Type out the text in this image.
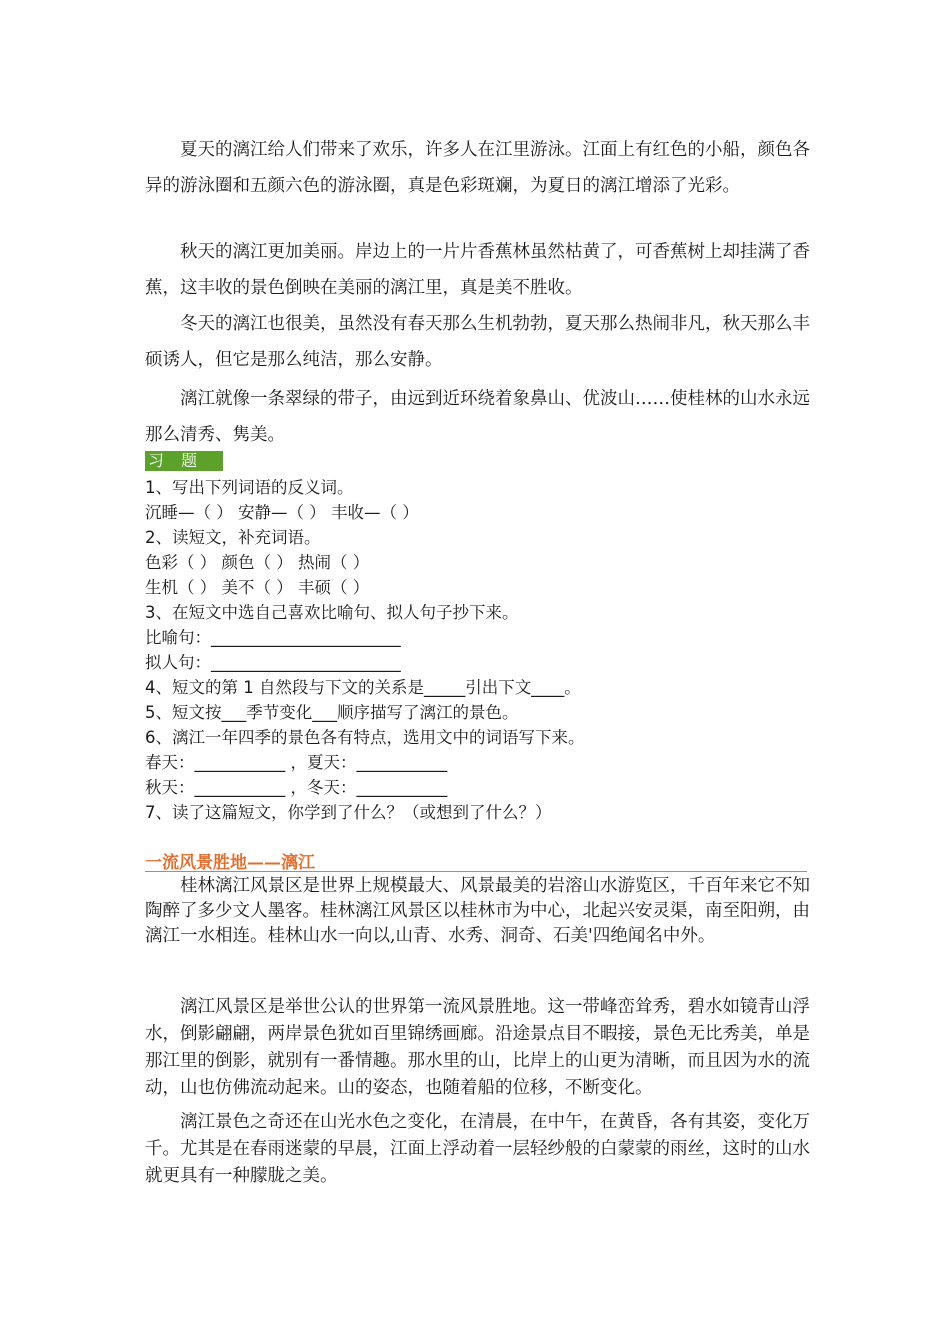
夏天的漓江给人们带来了欢乐，许多人在江里游泳。江面上有红色的小船，颜色各异的游泳圈和五颜六色的游泳圈，真是色彩斑斓，为夏日的漓江增添了光彩。

秋天的漓江更加美丽。岸边上的一片片香蕉林虽然枯黄了，可香蕉树上却挂满了香蕉，这丰收的景色倒映在美丽的漓江里，真是美不胜收。

冬天的漓江也很美，虽然没有春天那么生机勃勃，夏天那么热闹非凡，秋天那么丰硕诱人，但它是那么纯洁，那么安静。

漓江就像一条翠绿的带子，由远到近环绕着象鼻山、优波山……使桂林的山水永远那么清秀、隽美。

习 题
1、写出下列词语的反义词。
沉睡—（ ） 安静—（ ） 丰收—（ ）
2、读短文，补充词语。
色彩（ ） 颜色（ ） 热闹（ ）
生机（ ） 美不（ ） 丰硕（ ）
3、在短文中选自己喜欢比喻句、拟人句子抄下来。
比喻句：_______________________
拟人句：_______________________
4、短文的第 1 自然段与下文的关系是_____引出下文____。
5、短文按___季节变化___顺序描写了漓江的景色。
6、漓江一年四季的景色各有特点，选用文中的词语写下来。
春天：___________ ，夏天：___________
秋天：___________ ，冬天：___________
7、读了这篇短文，你学到了什么？（或想到了什么？）
一流风景胜地——漓江

桂林漓江风景区是世界上规模最大、风景最美的岩溶山水游览区，千百年来它不知陶醉了多少文人墨客。桂林漓江风景区以桂林市为中心，北起兴安灵渠，南至阳朔，由漓江一水相连。桂林山水一向以,山青、水秀、洞奇、石美'四绝闻名中外。

漓江风景区是举世公认的世界第一流风景胜地。这一带峰峦耸秀，碧水如镜青山浮水，倒影翩翩，两岸景色犹如百里锦绣画廊。沿途景点目不暇接，景色无比秀美，单是那江里的倒影，就别有一番情趣。那水里的山，比岸上的山更为清晰，而且因为水的流动，山也仿佛流动起来。山的姿态，也随着船的位移，不断变化。

漓江景色之奇还在山光水色之变化，在清晨，在中午，在黄昏，各有其姿，变化万千。尤其是在春雨迷蒙的早晨，江面上浮动着一层轻纱般的白蒙蒙的雨丝，这时的山水就更具有一种朦胧之美。
